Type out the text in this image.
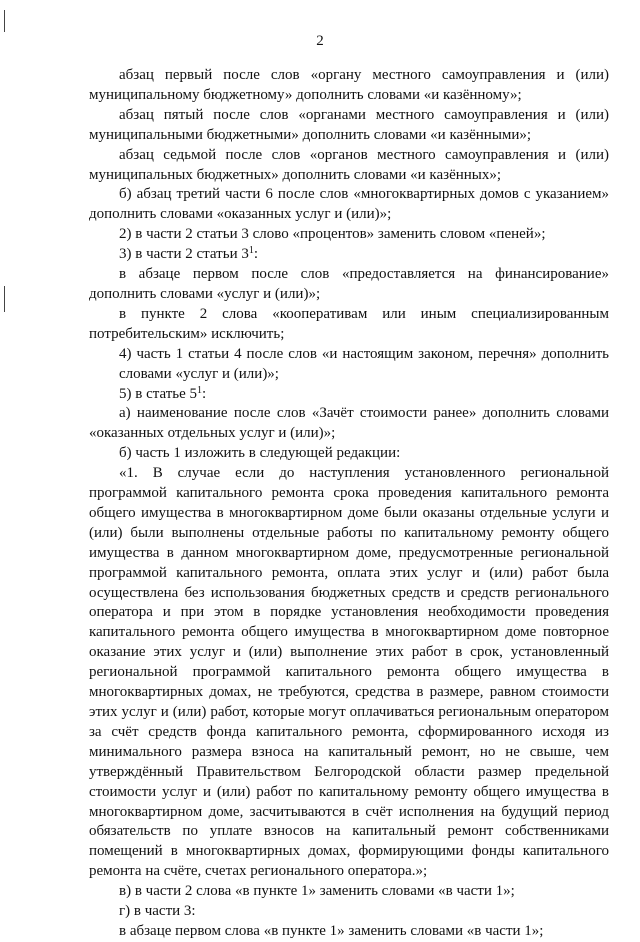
2

абзац первый после слов «органу местного самоуправления и (или) муниципальному бюджетному» дополнить словами «и казённому»;

абзац пятый после слов «органами местного самоуправления и (или) муниципальными бюджетными» дополнить словами «и казёнными»;

абзац седьмой после слов «органов местного самоуправления и (или) муниципальных бюджетных» дополнить словами «и казённых»;

б) абзац третий части 6 после слов «многоквартирных домов с указанием» дополнить словами «оказанных услуг и (или)»;

2) в части 2 статьи 3 слово «процентов» заменить словом «пеней»;

3) в части 2 статьи $3^1$:

в абзаце первом после слов «предоставляется на финансирование» дополнить словами «услуг и (или)»;

в пункте 2 слова «кооперативам или иным специализированным потребительским» исключить;

4) часть 1 статьи 4 после слов «и настоящим законом, перечня» дополнить словами «услуг и (или)»;

5) в статье $5^1$:

а) наименование после слов «Зачёт стоимости ранее» дополнить словами «оказанных отдельных услуг и (или)»;

б) часть 1 изложить в следующей редакции:

«1. В случае если до наступления установленного региональной программой капитального ремонта срока проведения капитального ремонта общего имущества в многоквартирном доме были оказаны отдельные услуги и (или) были выполнены отдельные работы по капитальному ремонту общего имущества в данном многоквартирном доме, предусмотренные региональной программой капитального ремонта, оплата этих услуг и (или) работ была осуществлена без использования бюджетных средств и средств регионального оператора и при этом в порядке установления необходимости проведения капитального ремонта общего имущества в многоквартирном доме повторное оказание этих услуг и (или) выполнение этих работ в срок, установленный региональной программой капитального ремонта общего имущества в многоквартирных домах, не требуются, средства в размере, равном стоимости этих услуг и (или) работ, которые могут оплачиваться региональным оператором за счёт средств фонда капитального ремонта, сформированного исходя из минимального размера взноса на капитальный ремонт, но не свыше, чем утверждённый Правительством Белгородской области размер предельной стоимости услуг и (или) работ по капитальному ремонту общего имущества в многоквартирном доме, засчитываются в счёт исполнения на будущий период обязательств по уплате взносов на капитальный ремонт собственниками помещений в многоквартирных домах, формирующими фонды капитального ремонта на счёте, счетах регионального оператора.»;

в) в части 2 слова «в пункте 1» заменить словами «в части 1»;

г) в части 3:

в абзаце первом слова «в пункте 1» заменить словами «в части 1»;
